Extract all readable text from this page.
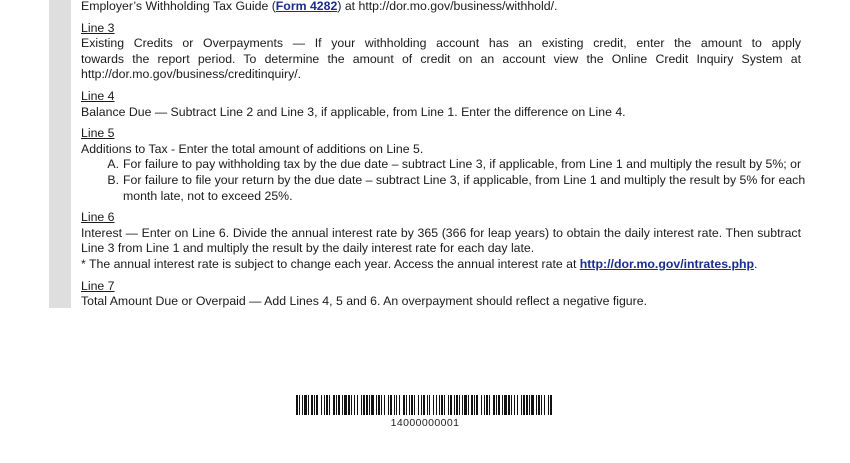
Employer’s Withholding Tax Guide (Form 4282) at http://dor.mo.gov/business/withhold/.
Line 3
Existing Credits or Overpayments — If your withholding account has an existing credit, enter the amount to apply
towards the report period. To determine the amount of credit on an account view the Online Credit Inquiry System at
http://dor.mo.gov/business/creditinquiry/.
Line 4
Balance Due — Subtract Line 2 and Line 3, if applicable, from Line 1. Enter the difference on Line 4.
Line 5
Additions to Tax - Enter the total amount of additions on Line 5.
A. For failure to pay withholding tax by the due date – subtract Line 3, if applicable, from Line 1 and multiply the result by 5%; or
B. For failure to file your return by the due date – subtract Line 3, if applicable, from Line 1 and multiply the result by 5% for each
month late, not to exceed 25%.
Line 6
Interest — Enter on Line 6. Divide the annual interest rate by 365 (366 for leap years) to obtain the daily interest rate. Then subtract
Line 3 from Line 1 and multiply the result by the daily interest rate for each day late.
* The annual interest rate is subject to change each year. Access the annual interest rate at http://dor.mo.gov/intrates.php.
Line 7
Total Amount Due or Overpaid — Add Lines 4, 5 and 6. An overpayment should reflect a negative figure.
14000000001
